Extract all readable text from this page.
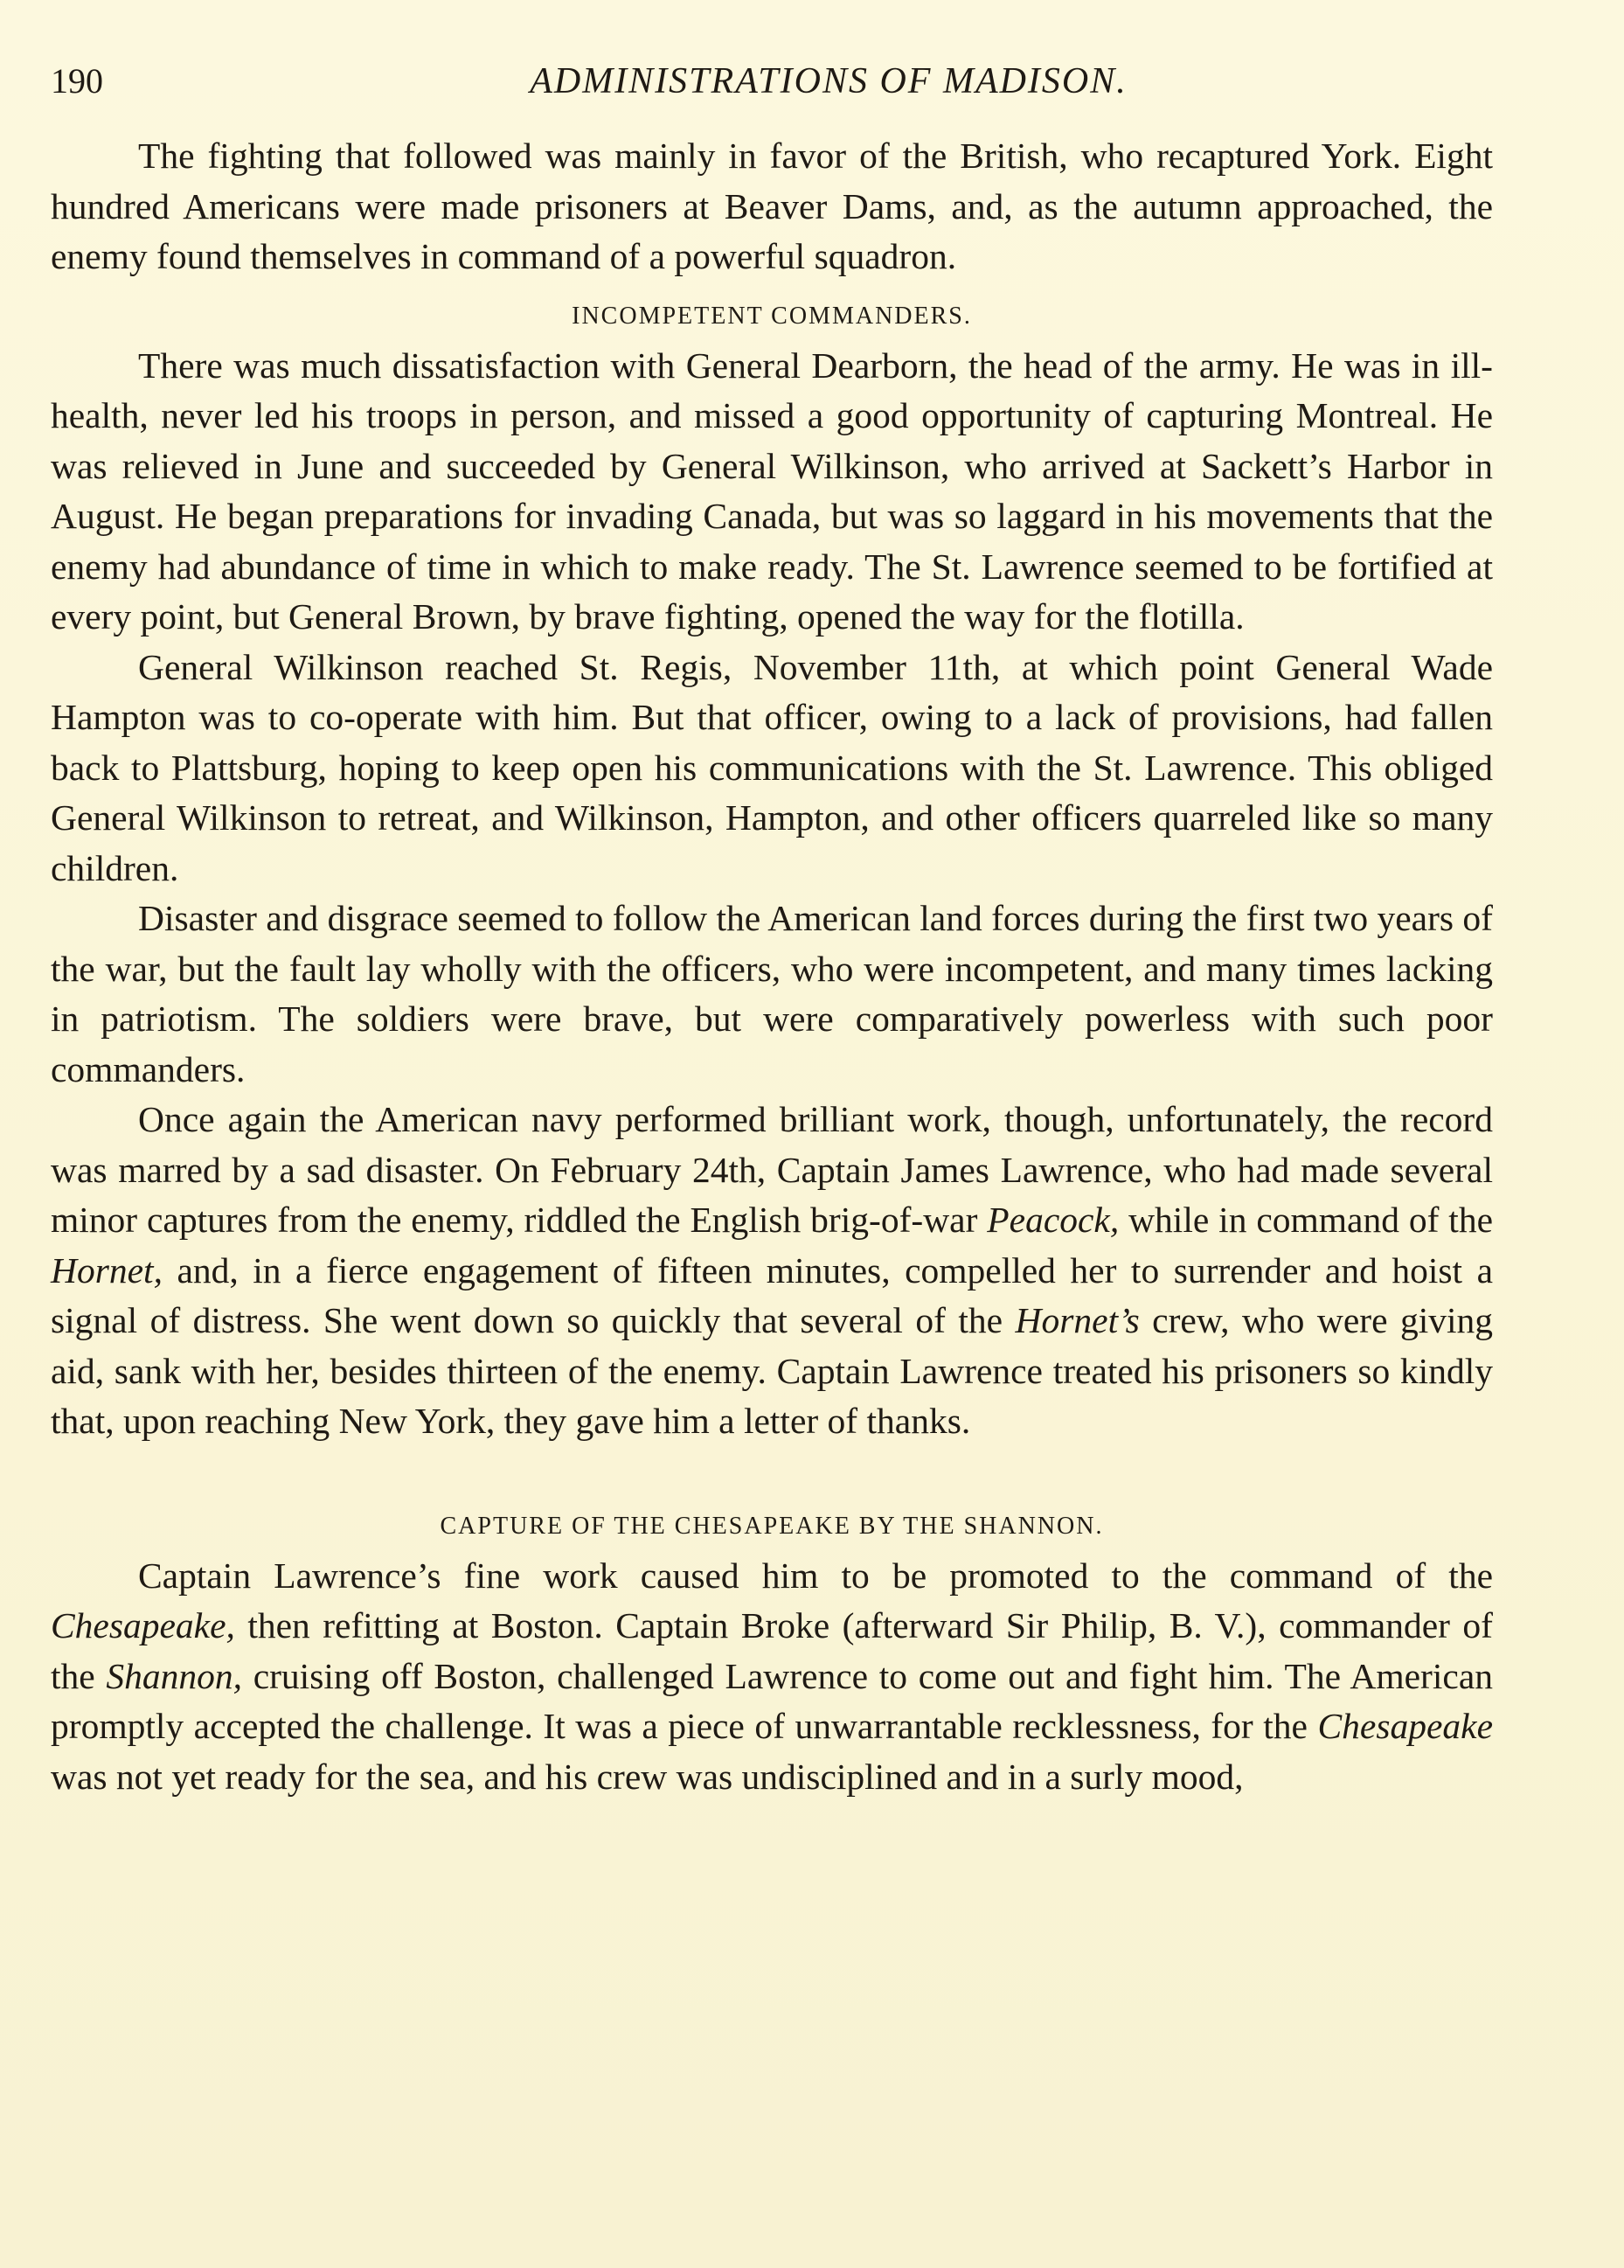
190	ADMINISTRATIONS OF MADISON.

The fighting that followed was mainly in favor of the British, who recaptured York. Eight hundred Americans were made prisoners at Beaver Dams, and, as the autumn approached, the enemy found themselves in command of a powerful squadron.

INCOMPETENT COMMANDERS.

There was much dissatisfaction with General Dearborn, the head of the army. He was in ill-health, never led his troops in person, and missed a good opportunity of capturing Montreal. He was relieved in June and succeeded by General Wilkinson, who arrived at Sackett’s Harbor in August. He began preparations for invading Canada, but was so laggard in his movements that the enemy had abundance of time in which to make ready. The St. Lawrence seemed to be fortified at every point, but General Brown, by brave fighting, opened the way for the flotilla.

General Wilkinson reached St. Regis, November 11th, at which point General Wade Hampton was to co-operate with him. But that officer, owing to a lack of provisions, had fallen back to Plattsburg, hoping to keep open his communications with the St. Lawrence. This obliged General Wilkinson to retreat, and Wilkinson, Hampton, and other officers quarreled like so many children.

Disaster and disgrace seemed to follow the American land forces during the first two years of the war, but the fault lay wholly with the officers, who were incompetent, and many times lacking in patriotism. The soldiers were brave, but were comparatively powerless with such poor commanders.

Once again the American navy performed brilliant work, though, unfortunately, the record was marred by a sad disaster. On February 24th, Captain James Lawrence, who had made several minor captures from the enemy, riddled the English brig-of-war Peacock, while in command of the Hornet, and, in a fierce engagement of fifteen minutes, compelled her to surrender and hoist a signal of distress. She went down so quickly that several of the Hornet’s crew, who were giving aid, sank with her, besides thirteen of the enemy. Captain Lawrence treated his prisoners so kindly that, upon reaching New York, they gave him a letter of thanks.

CAPTURE OF THE CHESAPEAKE BY THE SHANNON.

Captain Lawrence’s fine work caused him to be promoted to the command of the Chesapeake, then refitting at Boston. Captain Broke (afterward Sir Philip, B. V.), commander of the Shannon, cruising off Boston, challenged Lawrence to come out and fight him. The American promptly accepted the challenge. It was a piece of unwarrantable recklessness, for the Chesapeake was not yet ready for the sea, and his crew was undisciplined and in a surly mood,
